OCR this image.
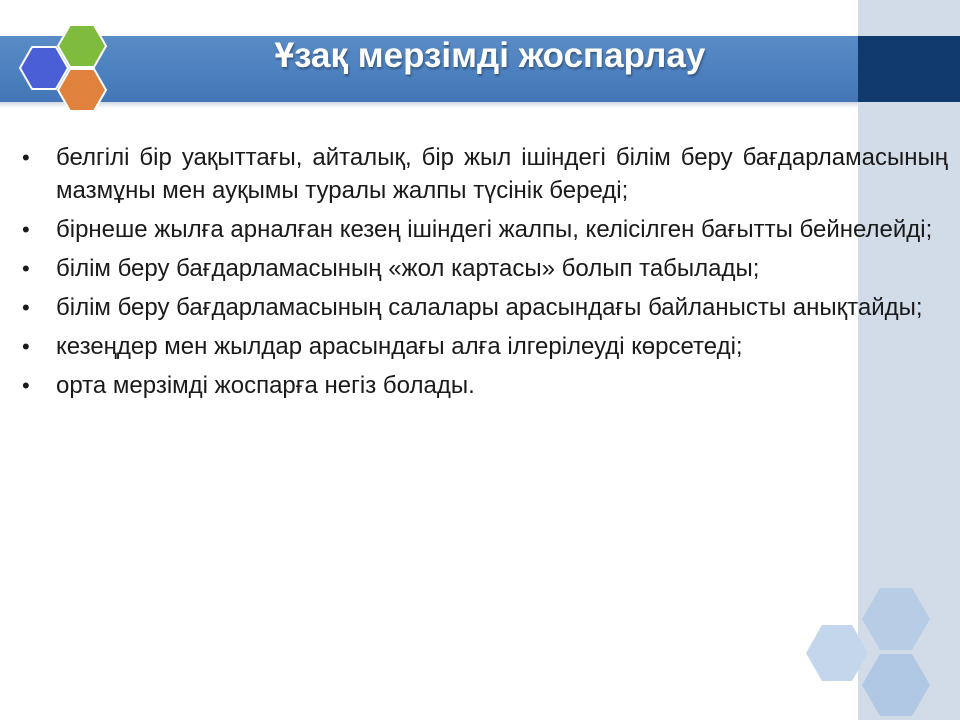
Ұзақ мерзімді жоспарлау
•	белгілі бір уақыттағы, айталық, бір жыл ішіндегі білім беру бағдарламасының мазмұны мен ауқымы туралы жалпы түсінік береді;
•	бірнеше жылға арналған кезең ішіндегі жалпы, келісілген бағытты бейнелейді;
•	білім беру бағдарламасының «жол картасы» болып табылады;
•	білім беру бағдарламасының салалары арасындағы байланысты анықтайды;
•	кезеңдер мен жылдар арасындағы алға ілгерілеуді көрсетеді;
•	орта мерзімді жоспарға негіз болады.
